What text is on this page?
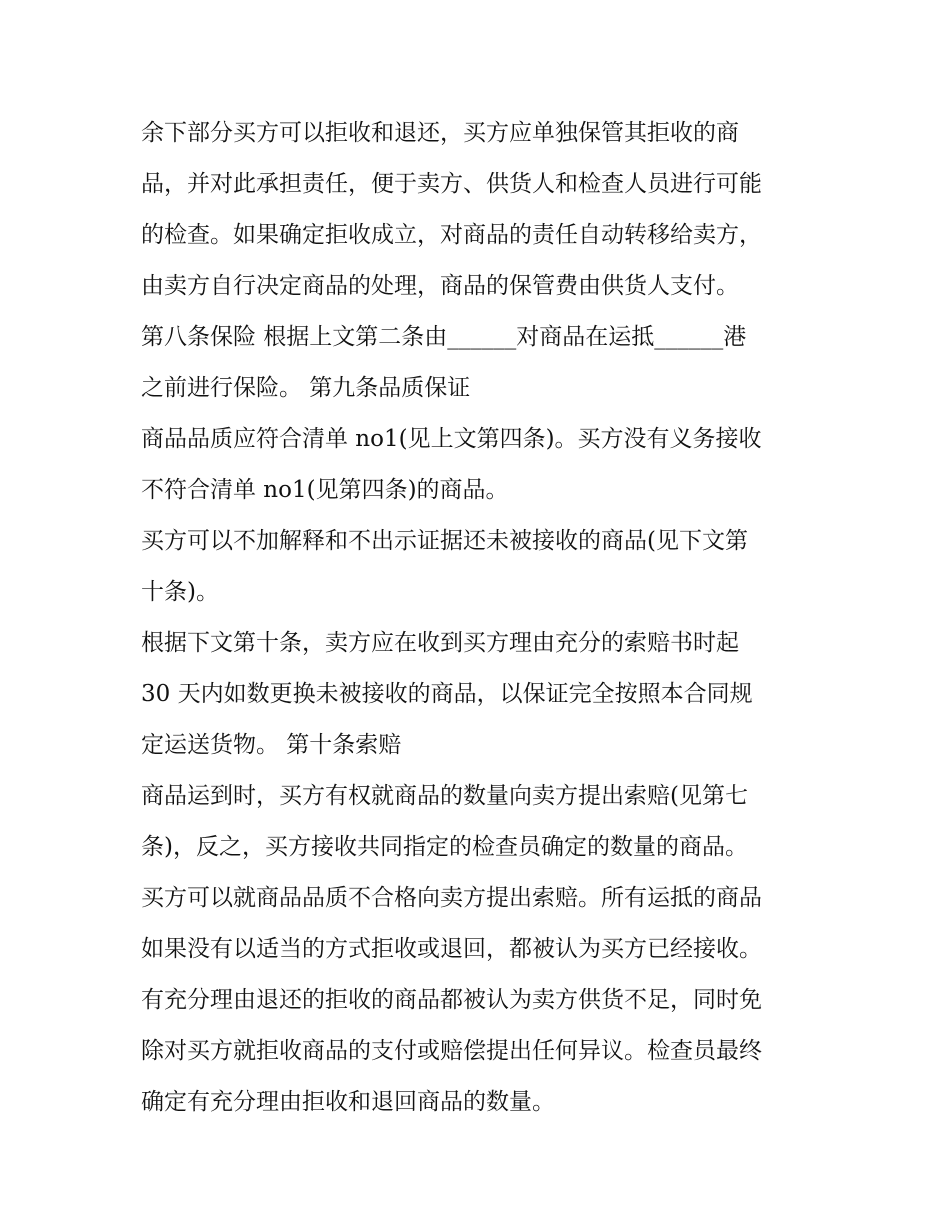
余下部分买方可以拒收和退还，买方应单独保管其拒收的商
品，并对此承担责任，便于卖方、供货人和检查人员进行可能
的检查。如果确定拒收成立，对商品的责任自动转移给卖方，
由卖方自行决定商品的处理，商品的保管费由供货人支付。
第八条保险 根据上文第二条由______对商品在运抵______港
之前进行保险。 第九条品质保证
商品品质应符合清单 no1(见上文第四条)。买方没有义务接收
不符合清单 no1(见第四条)的商品。
买方可以不加解释和不出示证据还未被接收的商品(见下文第
十条)。
根据下文第十条，卖方应在收到买方理由充分的索赔书时起
30 天内如数更换未被接收的商品，以保证完全按照本合同规
定运送货物。 第十条索赔
商品运到时，买方有权就商品的数量向卖方提出索赔(见第七
条)，反之，买方接收共同指定的检查员确定的数量的商品。
买方可以就商品品质不合格向卖方提出索赔。所有运抵的商品
如果没有以适当的方式拒收或退回，都被认为买方已经接收。
有充分理由退还的拒收的商品都被认为卖方供货不足，同时免
除对买方就拒收商品的支付或赔偿提出任何异议。检查员最终
确定有充分理由拒收和退回商品的数量。
